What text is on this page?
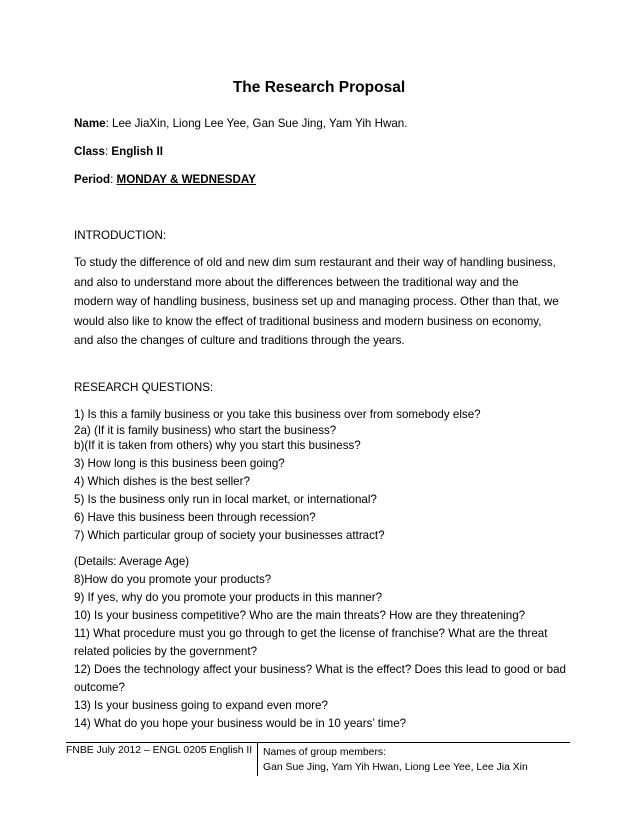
The Research Proposal
Name: Lee JiaXin, Liong Lee Yee, Gan Sue Jing, Yam Yih Hwan.
Class: English II
Period: MONDAY & WEDNESDAY
INTRODUCTION:
To study the difference of old and new dim sum restaurant and their way of handling business,
and also to understand more about the differences between the traditional way and the
modern way of handling business, business set up and managing process. Other than that, we
would also like to know the effect of traditional business and modern business on economy,
and also the changes of culture and traditions through the years.
RESEARCH QUESTIONS:
1) Is this a family business or you take this business over from somebody else?
2a) (If it is family business) who start the business?
b)(If it is taken from others) why you start this business?
3) How long is this business been going?
4) Which dishes is the best seller?
5) Is the business only run in local market, or international?
6) Have this business been through recession?
7) Which particular group of society your businesses attract?
(Details: Average Age)
8)How do you promote your products?
9) If yes, why do you promote your products in this manner?
10) Is your business competitive? Who are the main threats? How are they threatening?
11) What procedure must you go through to get the license of franchise? What are the threat
related policies by the government?
12) Does the technology affect your business? What is the effect? Does this lead to good or bad
outcome?
13) Is your business going to expand even more?
14) What do you hope your business would be in 10 years’ time?
FNBE July 2012 – ENGL 0205 English II Names of group members:
Gan Sue Jing, Yam Yih Hwan, Liong Lee Yee, Lee Jia Xin
